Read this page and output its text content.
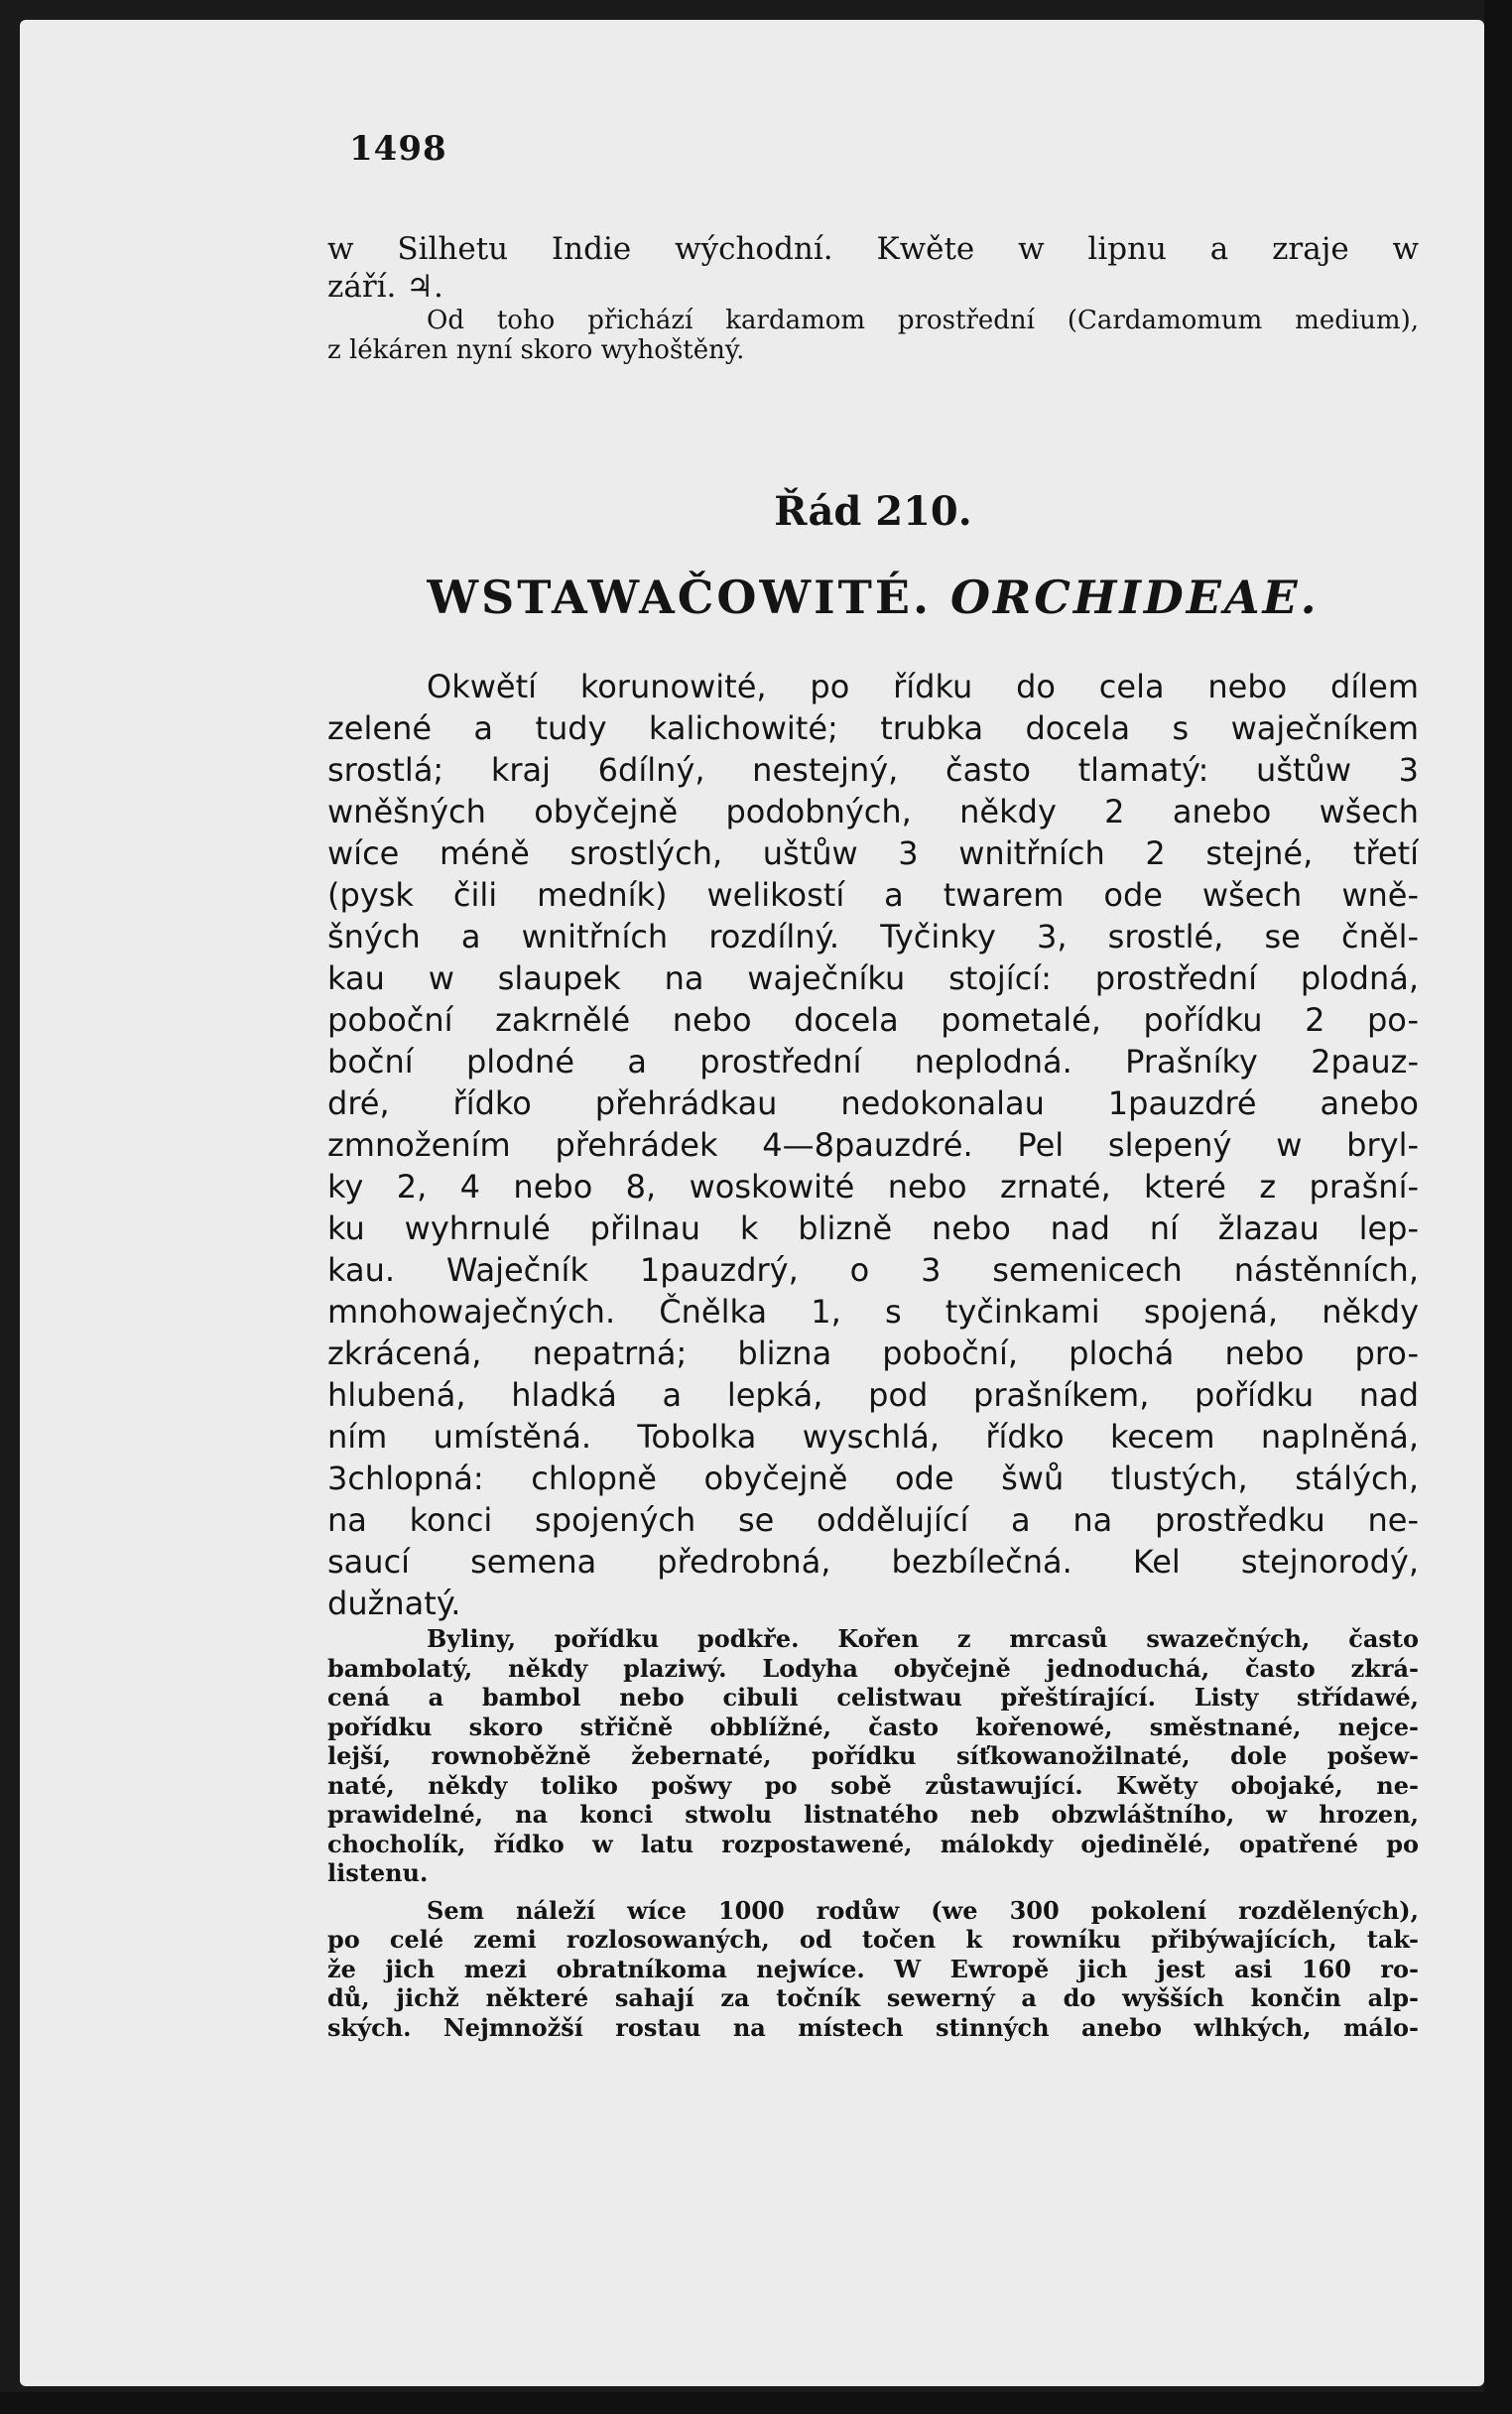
1498
w Silhetu Indie wýchodní. Kwěte w lipnu a zraje w
září. ♃.
Od toho přichází kardamom prostřední (Cardamomum medium),
z lékáren nyní skoro wyhoštěný.
Řád 210.
WSTAWAČOWITÉ. ORCHIDEAE.
Okwětí korunowité, po řídku do cela nebo dílem
zelené a tudy kalichowité; trubka docela s waječníkem
srostlá; kraj 6dílný, nestejný, často tlamatý: uštůw 3
wněšných obyčejně podobných, někdy 2 anebo wšech
wíce méně srostlých, uštůw 3 wnitřních 2 stejné, třetí
(pysk čili medník) welikostí a twarem ode wšech wně-
šných a wnitřních rozdílný. Tyčinky 3, srostlé, se čněl-
kau w slaupek na waječníku stojící: prostřední plodná,
poboční zakrnělé nebo docela pometalé, pořídku 2 po-
boční plodné a prostřední neplodná. Prašníky 2pauz-
dré, řídko přehrádkau nedokonalau 1pauzdré anebo
zmnožením přehrádek 4—8pauzdré. Pel slepený w bryl-
ky 2, 4 nebo 8, woskowité nebo zrnaté, které z prašní-
ku wyhrnulé přilnau k blizně nebo nad ní žlazau lep-
kau. Waječník 1pauzdrý, o 3 semenicech nástěnních,
mnohowaječných. Čnělka 1, s tyčinkami spojená, někdy
zkrácená, nepatrná; blizna poboční, plochá nebo pro-
hlubená, hladká a lepká, pod prašníkem, pořídku nad
ním umístěná. Tobolka wyschlá, řídko kecem naplněná,
3chlopná: chlopně obyčejně ode šwů tlustých, stálých,
na konci spojených se oddělující a na prostředku ne-
saucí semena předrobná, bezbílečná. Kel stejnorodý,
dužnatý.
Byliny, pořídku podkře. Kořen z mrcasů swazečných, často
bambolatý, někdy plaziwý. Lodyha obyčejně jednoduchá, často zkrá-
cená a bambol nebo cibuli celistwau přeštírající. Listy střídawé,
pořídku skoro střičně obblížné, často kořenowé, směstnané, nejce-
lejší, rownoběžně žebernaté, pořídku síťkowanožilnaté, dole pošew-
naté, někdy toliko pošwy po sobě zůstawující. Kwěty obojaké, ne-
prawidelné, na konci stwolu listnatého neb obzwláštního, w hrozen,
chocholík, řídko w latu rozpostawené, málokdy ojedinělé, opatřené po
listenu.
Sem náleží wíce 1000 rodůw (we 300 pokolení rozdělených),
po celé zemi rozlosowaných, od točen k rowníku přibýwajících, tak-
že jich mezi obratníkoma nejwíce. W Ewropě jich jest asi 160 ro-
dů, jichž některé sahají za točník sewerný a do wyšších končin alp-
ských. Nejmnožší rostau na místech stinných anebo wlhkých, málo-
